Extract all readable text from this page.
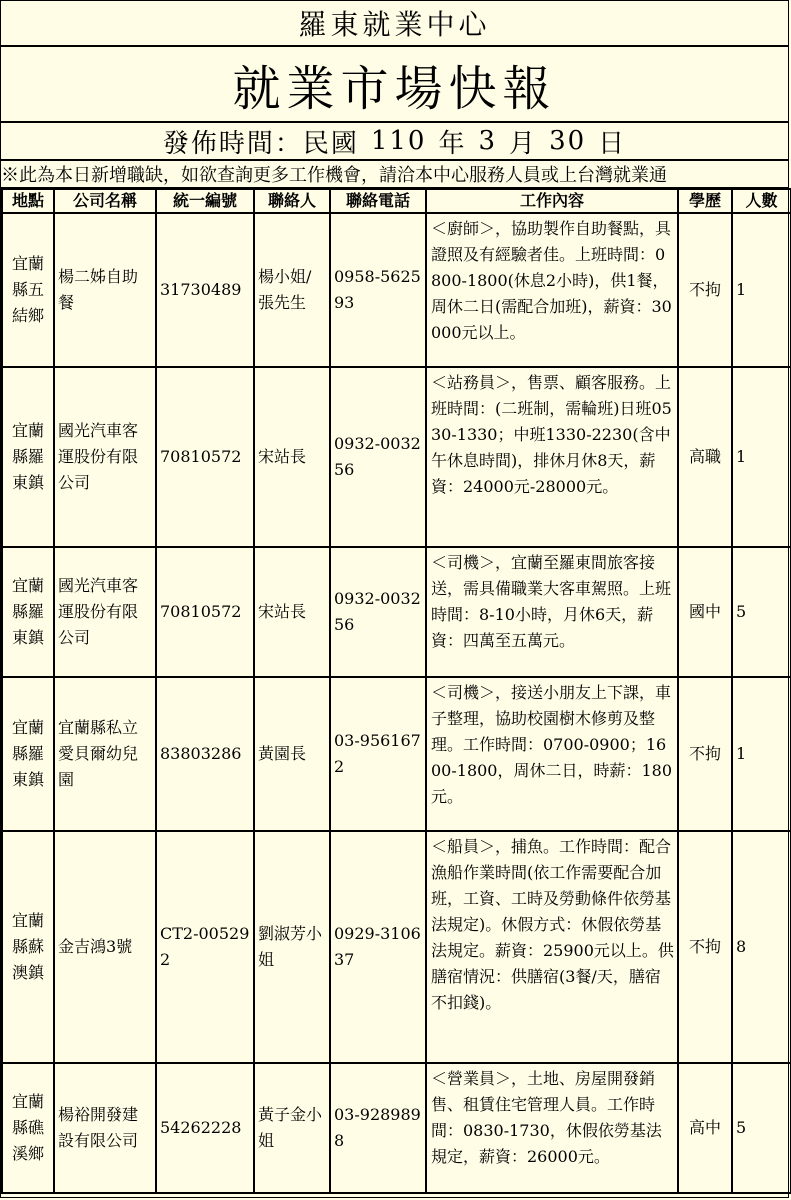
羅東就業中心
就業市場快報
發佈時間：民國 110 年 3 月 30 日
※此為本日新增職缺，如欲查詢更多工作機會，請洽本中心服務人員或上台灣就業通
地點	公司名稱	統一編號	聯絡人	聯絡電話	工作內容	學歷	人數
宜蘭縣五結鄉	楊二姊自助餐	31730489	楊小姐/張先生	0958-562593	＜廚師＞，協助製作自助餐點，具證照及有經驗者佳。上班時間：0800-1800(休息2小時)，供1餐，周休二日(需配合加班)，薪資：30000元以上。	不拘	1
宜蘭縣羅東鎮	國光汽車客運股份有限公司	70810572	宋站長	0932-003256	＜站務員＞，售票、顧客服務。上班時間：(二班制，需輪班)日班0530-1330；中班1330-2230(含中午休息時間)，排休月休8天，薪資：24000元-28000元。	高職	1
宜蘭縣羅東鎮	國光汽車客運股份有限公司	70810572	宋站長	0932-003256	＜司機＞，宜蘭至羅東間旅客接送，需具備職業大客車駕照。上班時間：8-10小時，月休6天，薪資：四萬至五萬元。	國中	5
宜蘭縣羅東鎮	宜蘭縣私立愛貝爾幼兒園	83803286	黃園長	03-9561672	＜司機＞，接送小朋友上下課，車子整理，協助校園樹木修剪及整理。工作時間：0700-0900；1600-1800，周休二日，時薪：180元。	不拘	1
宜蘭縣蘇澳鎮	金吉鴻3號	CT2-005292	劉淑芳小姐	0929-310637	＜船員＞，捕魚。工作時間：配合漁船作業時間(依工作需要配合加班，工資、工時及勞動條件依勞基法規定)。休假方式：休假依勞基法規定。薪資：25900元以上。供膳宿情況：供膳宿(3餐/天，膳宿不扣錢)。	不拘	8
宜蘭縣礁溪鄉	楊裕開發建設有限公司	54262228	黃子金小姐	03-9289898	＜營業員＞，土地、房屋開發銷售、租賃住宅管理人員。工作時間：0830-1730，休假依勞基法規定，薪資：26000元。	高中	5
